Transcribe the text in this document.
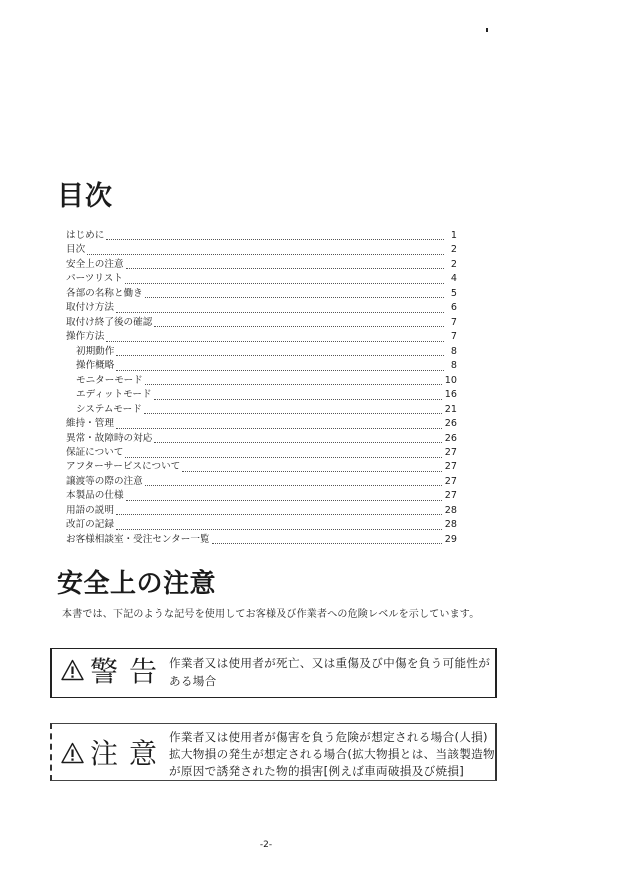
目次
はじめに	1
目次	2
安全上の注意	2
パーツリスト	4
各部の名称と働き	5
取付け方法	6
取付け終了後の確認	7
操作方法	7
初期動作	8
操作概略	8
モニターモード	10
エディットモード	16
システムモード	21
維持・管理	26
異常・故障時の対応	26
保証について	27
アフターサービスについて	27
譲渡等の際の注意	27
本製品の仕様	27
用語の説明	28
改訂の記録	28
お客様相談室・受注センター一覧	29
安全上の注意
本書では、下記のような記号を使用してお客様及び作業者への危険レベルを示しています。
警告 作業者又は使用者が死亡、又は重傷及び中傷を負う可能性が
ある場合
注意 作業者又は使用者が傷害を負う危険が想定される場合(人損)
拡大物損の発生が想定される場合(拡大物損とは、当該製造物
が原因で誘発された物的損害[例えば車両破損及び焼損]
-2-
